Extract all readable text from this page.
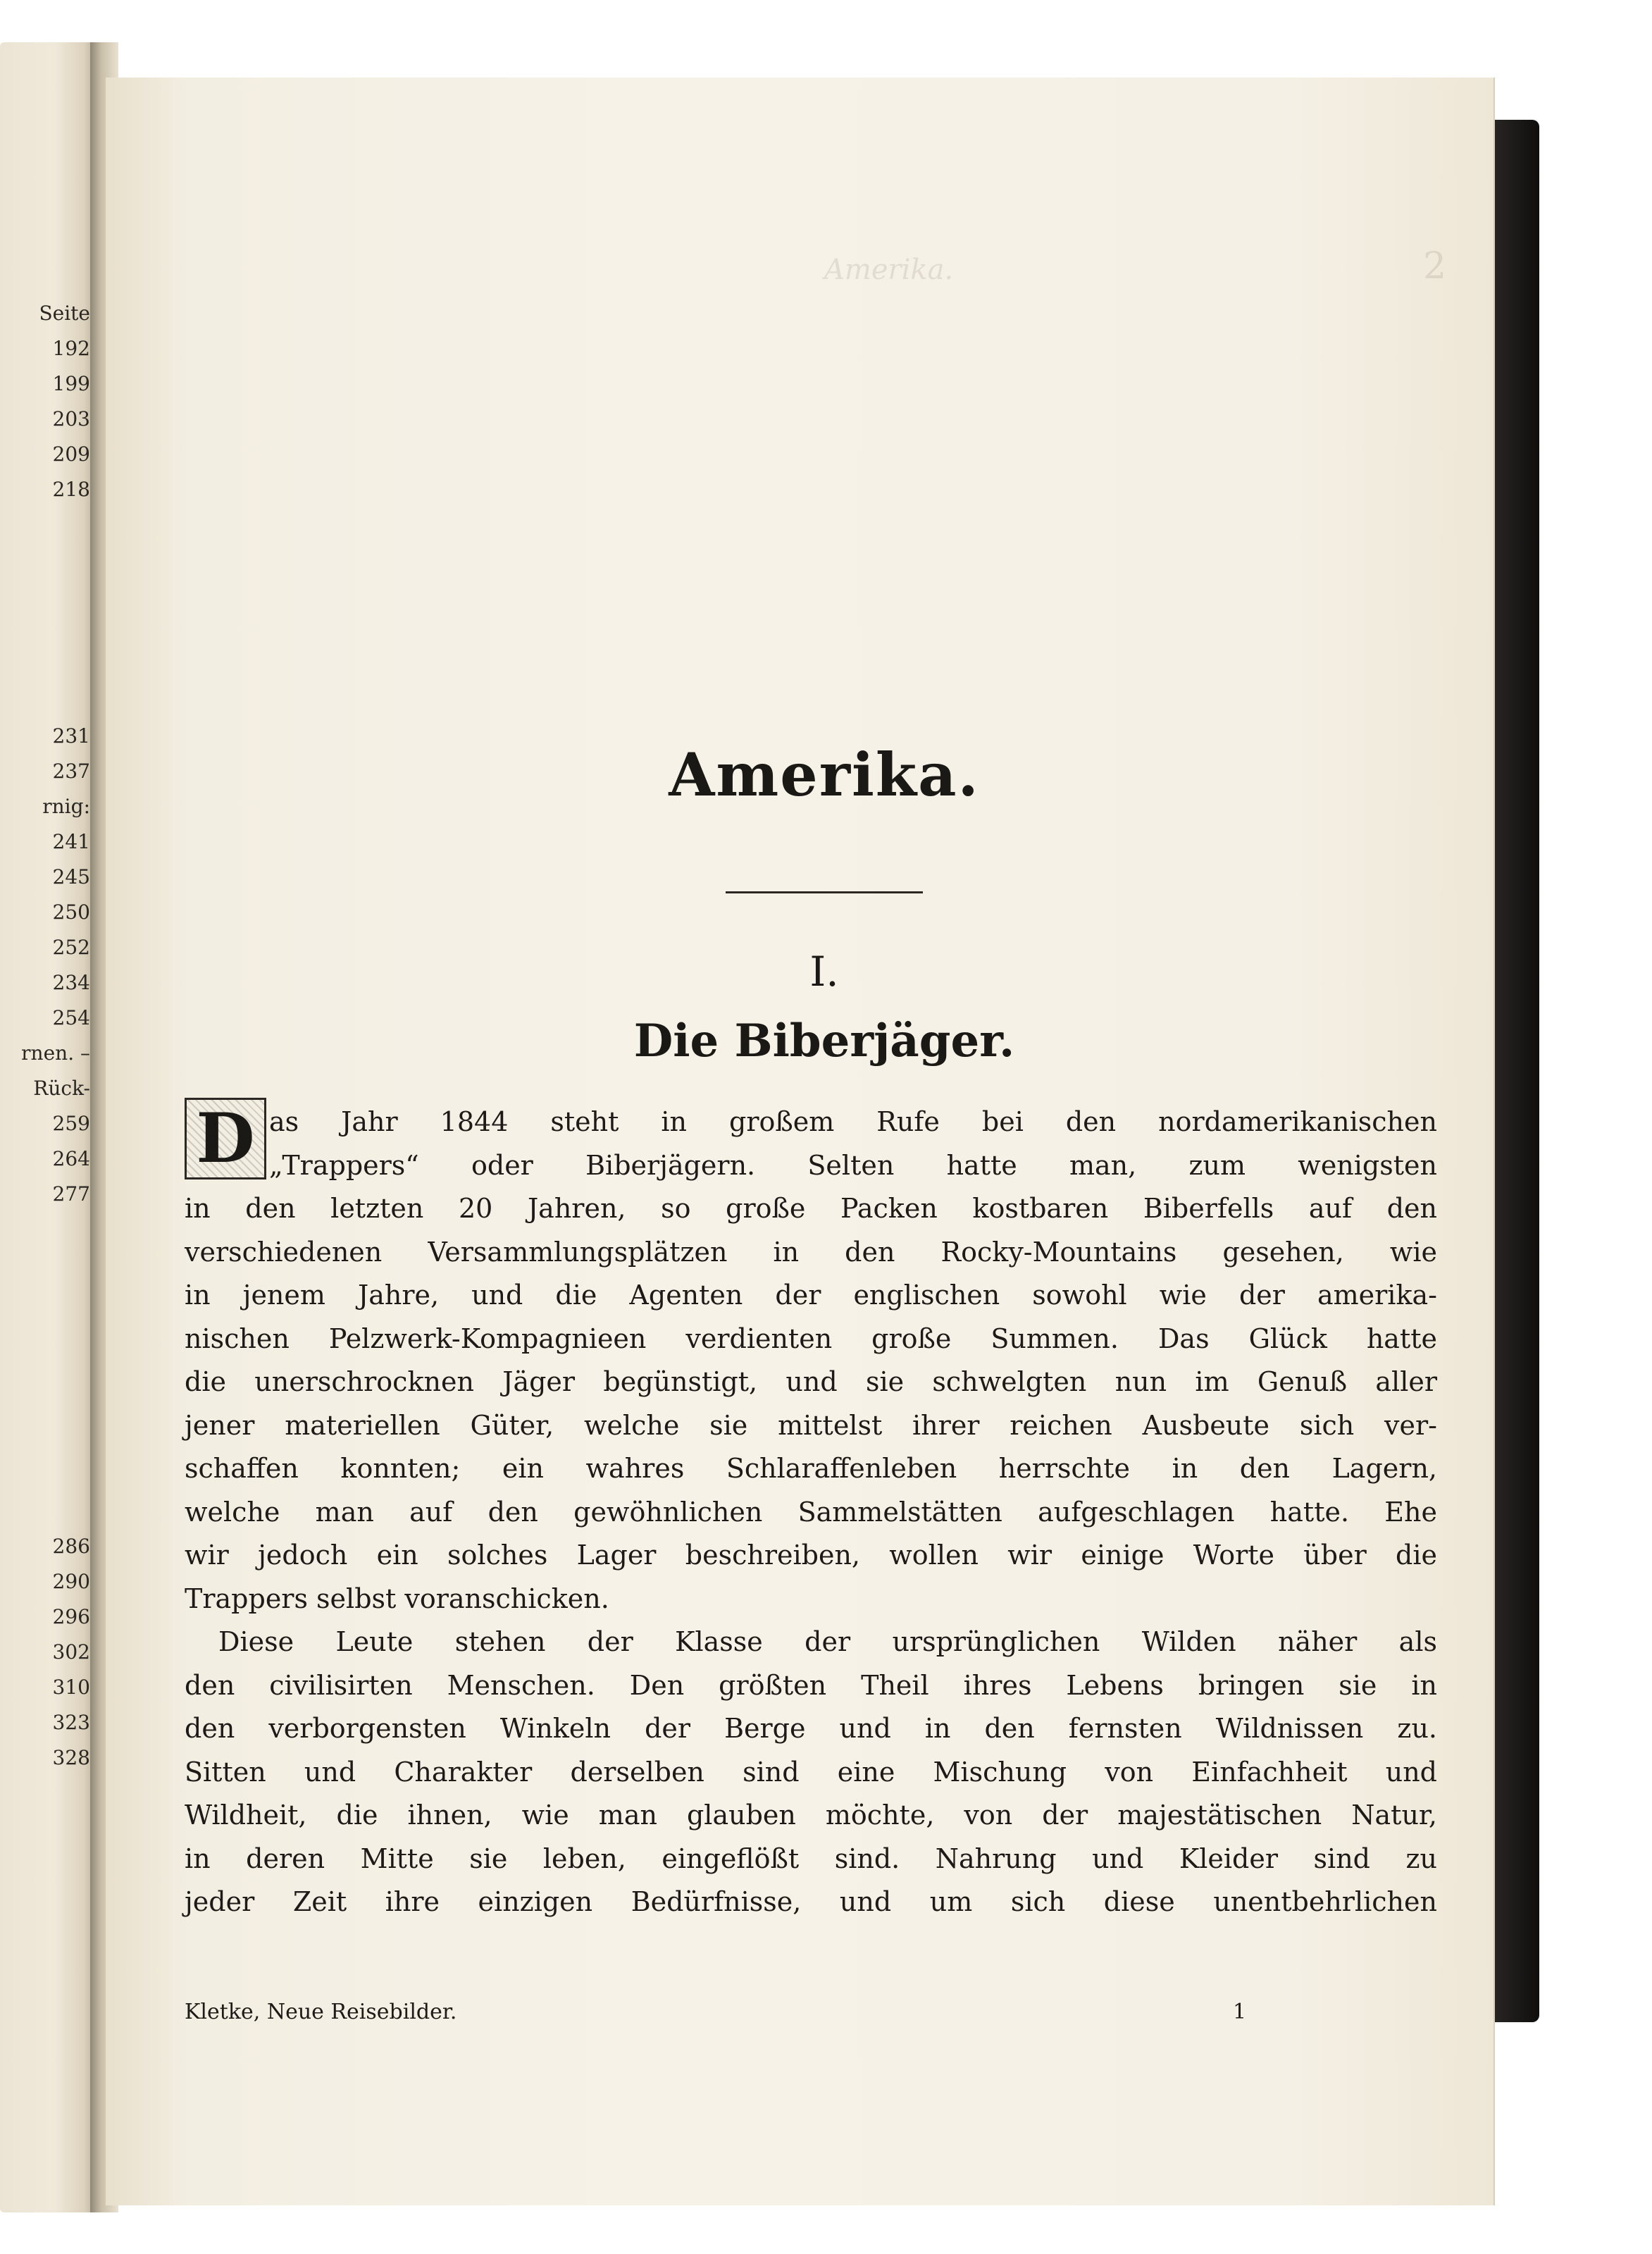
Seite
192
199
203
209
218
231
237
rnig:
241
245
250
252
234
254
rnen. –
Rück-
259
264
277
286
290
296
302
310
323
328
Amerika.	2
Amerika.
I.
Die Biberjäger.
D as Jahr 1844 steht in großem Rufe bei den nordamerikanischen
„Trappers“ oder Biberjägern. Selten hatte man, zum wenigsten
in den letzten 20 Jahren, so große Packen kostbaren Biberfells auf den
verschiedenen Versammlungsplätzen in den Rocky-Mountains gesehen, wie
in jenem Jahre, und die Agenten der englischen sowohl wie der amerika-
nischen Pelzwerk-Kompagnieen verdienten große Summen. Das Glück hatte
die unerschrocknen Jäger begünstigt, und sie schwelgten nun im Genuß aller
jener materiellen Güter, welche sie mittelst ihrer reichen Ausbeute sich ver-
schaffen konnten; ein wahres Schlaraffenleben herrschte in den Lagern,
welche man auf den gewöhnlichen Sammelstätten aufgeschlagen hatte. Ehe
wir jedoch ein solches Lager beschreiben, wollen wir einige Worte über die
Trappers selbst voranschicken.
Diese Leute stehen der Klasse der ursprünglichen Wilden näher als
den civilisirten Menschen. Den größten Theil ihres Lebens bringen sie in
den verborgensten Winkeln der Berge und in den fernsten Wildnissen zu.
Sitten und Charakter derselben sind eine Mischung von Einfachheit und
Wildheit, die ihnen, wie man glauben möchte, von der majestätischen Natur,
in deren Mitte sie leben, eingeflößt sind. Nahrung und Kleider sind zu
jeder Zeit ihre einzigen Bedürfnisse, und um sich diese unentbehrlichen
Kletke, Neue Reisebilder.	1
